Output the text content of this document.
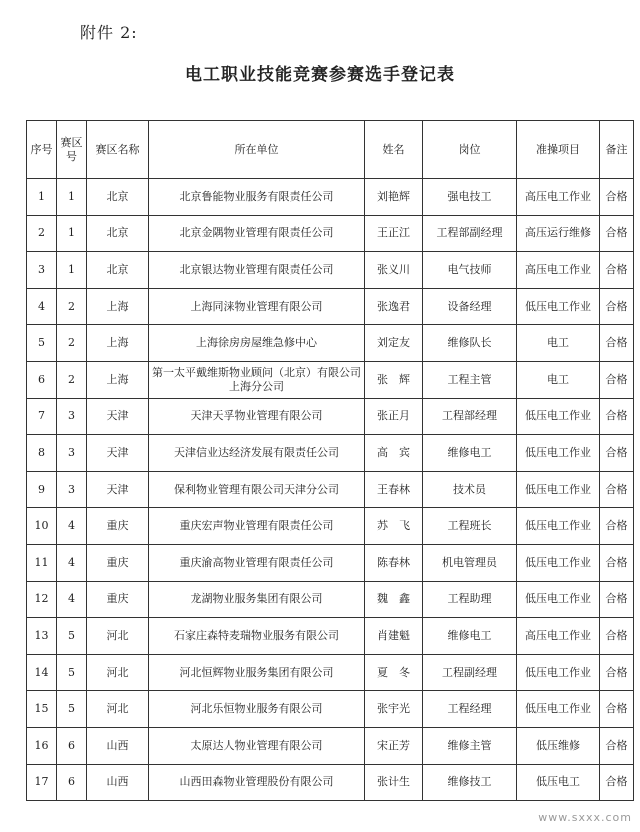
附件 2:
电工职业技能竞赛参赛选手登记表
序号	赛区号	赛区名称	所在单位	姓名	岗位	准操项目	备注
1	1	北京	北京鲁能物业服务有限责任公司	刘艳辉	强电技工	高压电工作业	合格
2	1	北京	北京金隅物业管理有限责任公司	王正江	工程部副经理	高压运行维修	合格
3	1	北京	北京银达物业管理有限责任公司	张义川	电气技师	高压电工作业	合格
4	2	上海	上海同涞物业管理有限公司	张逸君	设备经理	低压电工作业	合格
5	2	上海	上海徐房房屋维急修中心	刘定友	维修队长	电工	合格
6	2	上海	第一太平戴维斯物业顾问（北京）有限公司上海分公司	张　辉	工程主管	电工	合格
7	3	天津	天津天孚物业管理有限公司	张正月	工程部经理	低压电工作业	合格
8	3	天津	天津信业达经济发展有限责任公司	高　宾	维修电工	低压电工作业	合格
9	3	天津	保利物业管理有限公司天津分公司	王春林	技术员	低压电工作业	合格
10	4	重庆	重庆宏声物业管理有限责任公司	苏　飞	工程班长	低压电工作业	合格
11	4	重庆	重庆渝高物业管理有限责任公司	陈春林	机电管理员	低压电工作业	合格
12	4	重庆	龙湖物业服务集团有限公司	魏　鑫	工程助理	低压电工作业	合格
13	5	河北	石家庄森特麦瑞物业服务有限公司	肖建魁	维修电工	高压电工作业	合格
14	5	河北	河北恒辉物业服务集团有限公司	夏　冬	工程副经理	低压电工作业	合格
15	5	河北	河北乐恒物业服务有限公司	张宇光	工程经理	低压电工作业	合格
16	6	山西	太原达人物业管理有限公司	宋正芳	维修主管	低压维修	合格
17	6	山西	山西田森物业管理股份有限公司	张计生	维修技工	低压电工	合格
www.sxxx.com
